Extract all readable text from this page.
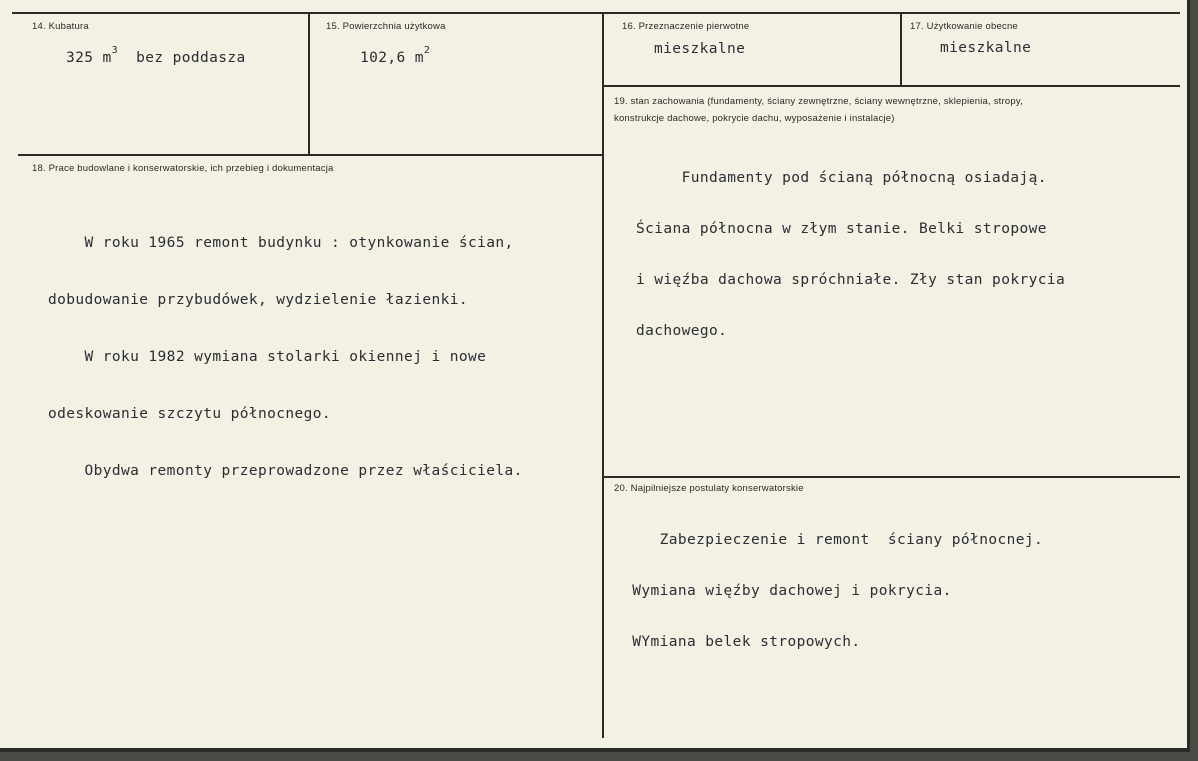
14. Kubatura
325 $m^3$ bez poddasza
15. Powierzchnia użytkowa
102,6 $m^2$
16. Przeznaczenie pierwotne
mieszkalne
17. Użytkowanie obecne
mieszkalne
18. Prace budowlane i konserwatorskie, ich przebieg i dokumentacja

W roku 1965 remont budynku : otynkowanie ścian,

dobudowanie przybudówek, wydzielenie łazienki.

W roku 1982 wymiana stolarki okiennej i nowe

odeskowanie szczytu północnego.

Obydwa remonty przeprowadzone przez właściciela.

19. stan zachowania (fundamenty, ściany zewnętrzne, ściany wewnętrzne, sklepienia, stropy,
konstrukcje dachowe, pokrycie dachu, wyposażenie i instalacje)

Fundamenty pod ścianą północną osiadają.

Ściana północna w złym stanie. Belki stropowe

i więźba dachowa spróchniałe. Zły stan pokrycia

dachowego.

20. Najpilniejsze postulaty konserwatorskie

Zabezpieczenie i remont  ściany północnej.

Wymiana więźby dachowej i pokrycia.

WYmiana belek stropowych.
